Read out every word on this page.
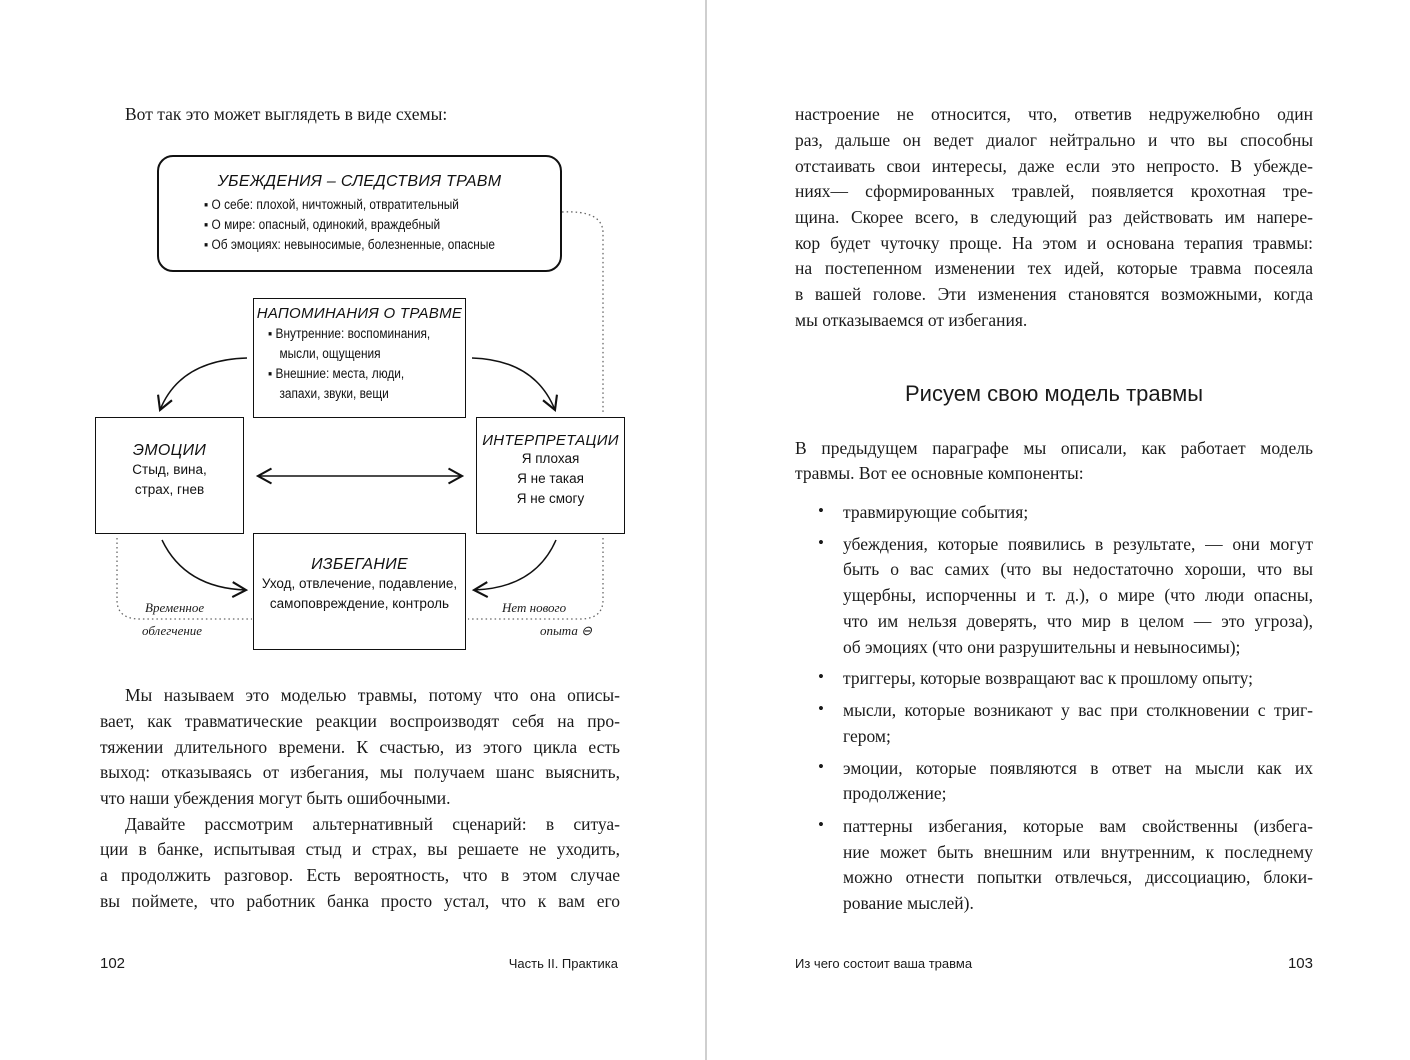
Вот так это может выглядеть в виде схемы:
УБЕЖДЕНИЯ – СЛЕДСТВИЯ ТРАВМ
▪ О себе: плохой, ничтожный, отвратительный
▪ О мире: опасный, одинокий, враждебный
▪ Об эмоциях: невыносимые, болезненные, опасные
НАПОМИНАНИЯ О ТРАВМЕ
▪ Внутренние: воспоминания,
мысли, ощущения
▪ Внешние: места, люди,
запахи, звуки, вещи
ЭМОЦИИ
Стыд, вина,
страх, гнев
ИНТЕРПРЕТАЦИИ
Я плохая
Я не такая
Я не смогу
ИЗБЕГАНИЕ
Уход, отвлечение, подавление,
самоповреждение, контроль
Временное
облегчение
Нет нового
опыта ⊖
Мы называем это моделью травмы, потому что она описы-
вает, как травматические реакции воспроизводят себя на про-
тяжении длительного времени. К счастью, из этого цикла есть
выход: отказываясь от избегания, мы получаем шанс выяснить,
что наши убеждения могут быть ошибочными.
Давайте рассмотрим альтернативный сценарий: в ситуа-
ции в банке, испытывая стыд и страх, вы решаете не уходить,
а продолжить разговор. Есть вероятность, что в этом случае
вы поймете, что работник банка просто устал, что к вам его
102	Часть II. Практика
настроение не относится, что, ответив недружелюбно один
раз, дальше он ведет диалог нейтрально и что вы способны
отстаивать свои интересы, даже если это непросто. В убежде-
ниях— сформированных травлей, появляется крохотная тре-
щина. Скорее всего, в следующий раз действовать им напере-
кор будет чуточку проще. На этом и основана терапия травмы:
на постепенном изменении тех идей, которые травма посеяла
в вашей голове. Эти изменения становятся возможными, когда
мы отказываемся от избегания.
Рисуем свою модель травмы
В предыдущем параграфе мы описали, как работает модель
травмы. Вот ее основные компоненты:
• травмирующие события;
• убеждения, которые появились в результате, — они могут
быть о вас самих (что вы недостаточно хороши, что вы
ущербны, испорченны и т. д.), о мире (что люди опасны,
что им нельзя доверять, что мир в целом — это угроза),
об эмоциях (что они разрушительны и невыносимы);
• триггеры, которые возвращают вас к прошлому опыту;
• мысли, которые возникают у вас при столкновении с триг-
гером;
• эмоции, которые появляются в ответ на мысли как их
продолжение;
• паттерны избегания, которые вам свойственны (избега-
ние может быть внешним или внутренним, к последнему
можно отнести попытки отвлечься, диссоциацию, блоки-
рование мыслей).
Из чего состоит ваша травма	103
